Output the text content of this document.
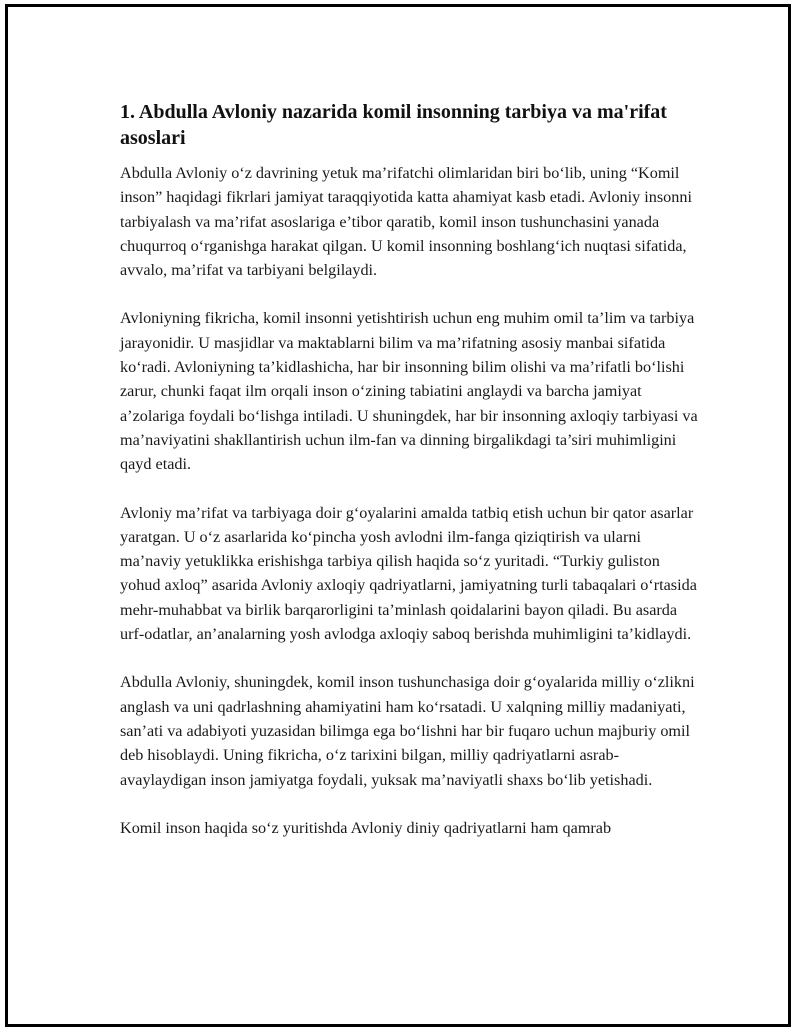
1. Abdulla Avloniy nazarida komil insonning tarbiya va ma'rifat asoslari

Abdulla Avloniy o‘z davrining yetuk ma’rifatchi olimlaridan biri bo‘lib, uning “Komil inson” haqidagi fikrlari jamiyat taraqqiyotida katta ahamiyat kasb etadi. Avloniy insonni tarbiyalash va ma’rifat asoslariga e’tibor qaratib, komil inson tushunchasini yanada chuqurroq o‘rganishga harakat qilgan. U komil insonning boshlang‘ich nuqtasi sifatida, avvalo, ma’rifat va tarbiyani belgilaydi.

Avloniyning fikricha, komil insonni yetishtirish uchun eng muhim omil ta’lim va tarbiya jarayonidir. U masjidlar va maktablarni bilim va ma’rifatning asosiy manbai sifatida ko‘radi. Avloniyning ta’kidlashicha, har bir insonning bilim olishi va ma’rifatli bo‘lishi zarur, chunki faqat ilm orqali inson o‘zining tabiatini anglaydi va barcha jamiyat a’zolariga foydali bo‘lishga intiladi. U shuningdek, har bir insonning axloqiy tarbiyasi va ma’naviyatini shakllantirish uchun ilm-fan va dinning birgalikdagi ta’siri muhimligini qayd etadi.

Avloniy ma’rifat va tarbiyaga doir g‘oyalarini amalda tatbiq etish uchun bir qator asarlar yaratgan. U o‘z asarlarida ko‘pincha yosh avlodni ilm-fanga qiziqtirish va ularni ma’naviy yetuklikka erishishga tarbiya qilish haqida so‘z yuritadi. “Turkiy guliston yohud axloq” asarida Avloniy axloqiy qadriyatlarni, jamiyatning turli tabaqalari o‘rtasida mehr-muhabbat va birlik barqarorligini ta’minlash qoidalarini bayon qiladi. Bu asarda urf-odatlar, an’analarning yosh avlodga axloqiy saboq berishda muhimligini ta’kidlaydi.

Abdulla Avloniy, shuningdek, komil inson tushunchasiga doir g‘oyalarida milliy o‘zlikni anglash va uni qadrlashning ahamiyatini ham ko‘rsatadi. U xalqning milliy madaniyati, san’ati va adabiyoti yuzasidan bilimga ega bo‘lishni har bir fuqaro uchun majburiy omil deb hisoblaydi. Uning fikricha, o‘z tarixini bilgan, milliy qadriyatlarni asrab-avaylaydigan inson jamiyatga foydali, yuksak ma’naviyatli shaxs bo‘lib yetishadi.

Komil inson haqida so‘z yuritishda Avloniy diniy qadriyatlarni ham qamrab
